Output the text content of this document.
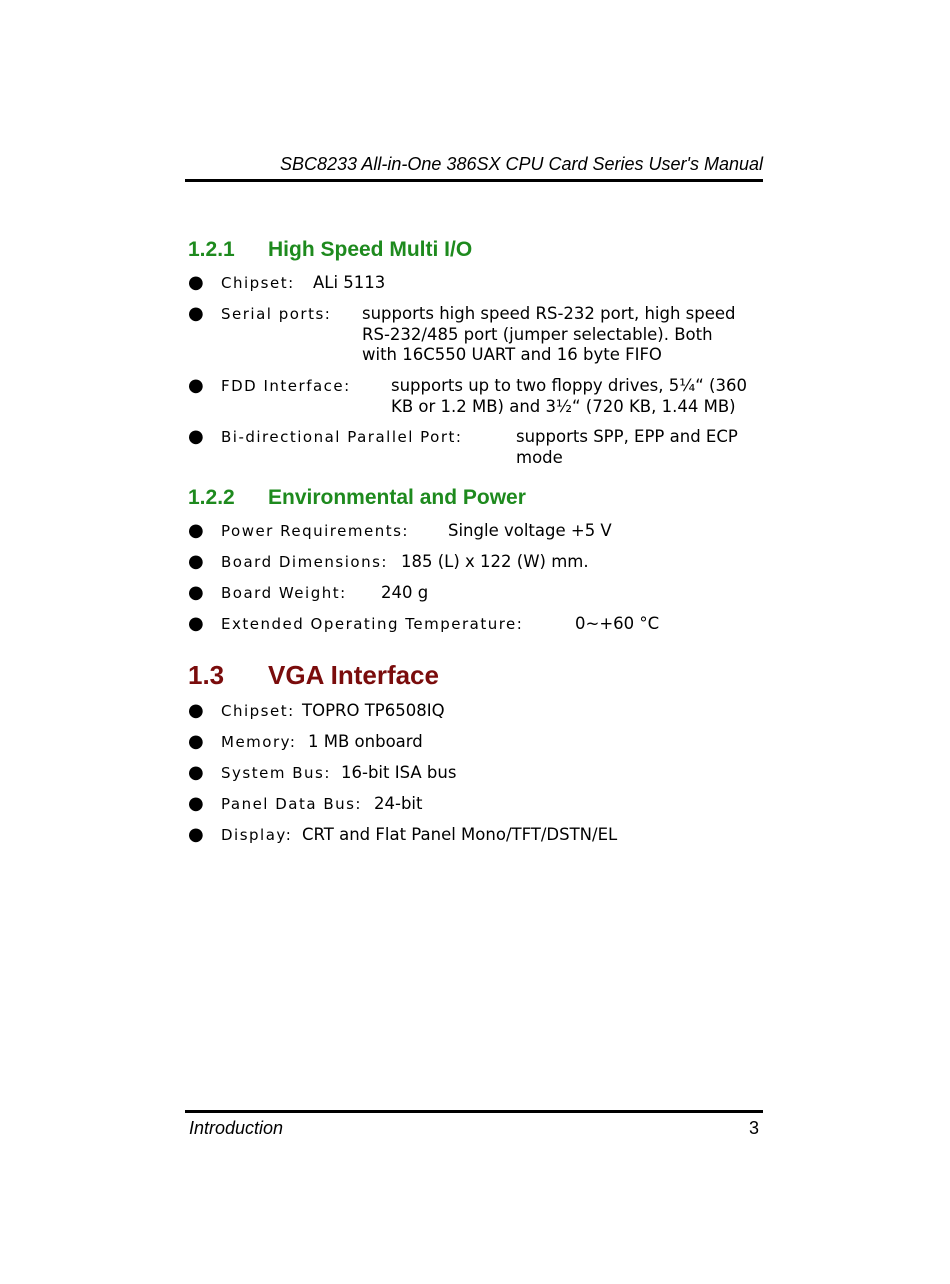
SBC8233 All-in-One 386SX CPU Card Series User's Manual
1.2.1 High Speed Multi I/O
● Chipset: ALi 5113
● Serial ports: supports high speed RS-232 port, high speed
RS-232/485 port (jumper selectable). Both
with 16C550 UART and 16 byte FIFO
● FDD Interface: supports up to two floppy drives, 5¼“ (360
KB or 1.2 MB) and 3½“ (720 KB, 1.44 MB)
● Bi-directional Parallel Port:	supports SPP, EPP and ECP
mode
1.2.2 Environmental and Power
● Power Requirements: Single voltage +5 V
● Board Dimensions: 185 (L) x 122 (W) mm.
● Board Weight: 240 g
● Extended Operating Temperature:	0~+60 °C
1.3 VGA Interface
● Chipset: TOPRO TP6508IQ
● Memory: 1 MB onboard
● System Bus: 16-bit ISA bus
● Panel Data Bus: 24-bit
● Display: CRT and Flat Panel Mono/TFT/DSTN/EL
Introduction	3
